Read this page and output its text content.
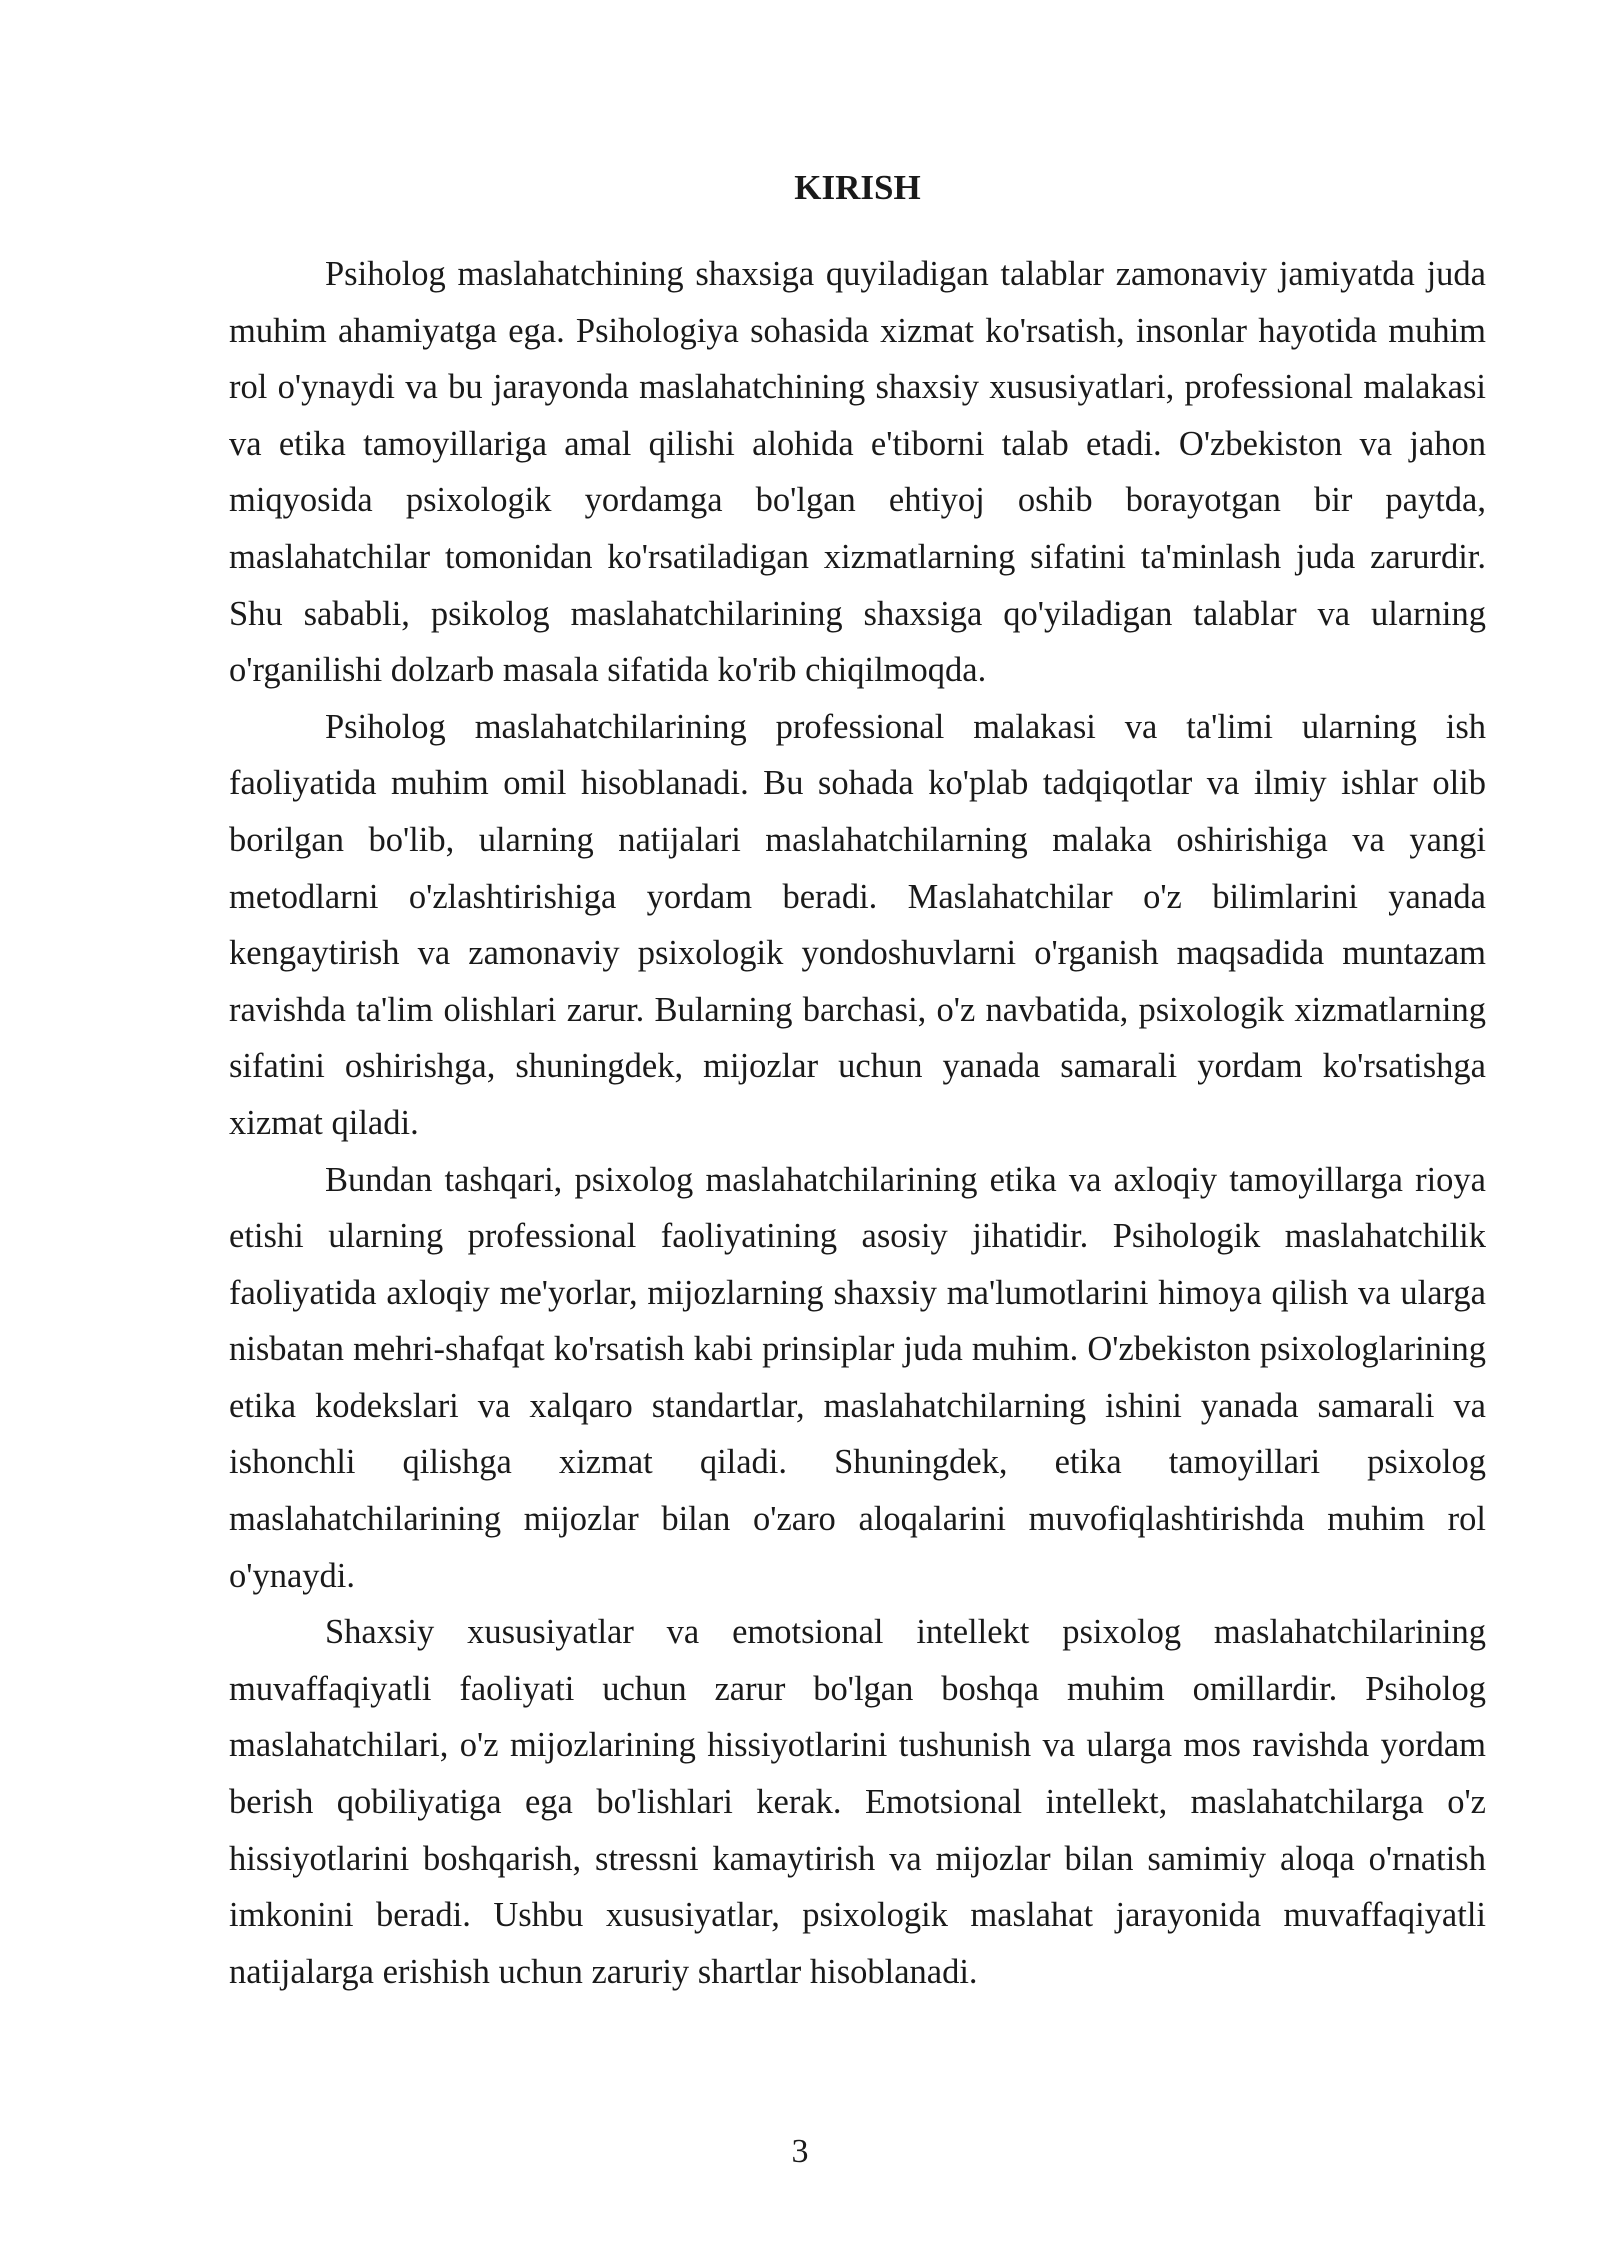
KIRISH

Psiholog maslahatchining shaxsiga quyiladigan talablar zamonaviy jamiyatda juda muhim ahamiyatga ega. Psihologiya sohasida xizmat ko'rsatish, insonlar hayotida muhim rol o'ynaydi va bu jarayonda maslahatchining shaxsiy xususiyatlari, professional malakasi va etika tamoyillariga amal qilishi alohida e'tiborni talab etadi. O'zbekiston va jahon miqyosida psixologik yordamga bo'lgan ehtiyoj oshib borayotgan bir paytda, maslahatchilar tomonidan ko'rsatiladigan xizmatlarning sifatini ta'minlash juda zarurdir. Shu sababli, psikolog maslahatchilarining shaxsiga qo'yiladigan talablar va ularning o'rganilishi dolzarb masala sifatida ko'rib chiqilmoqda.

Psiholog maslahatchilarining professional malakasi va ta'limi ularning ish faoliyatida muhim omil hisoblanadi. Bu sohada ko'plab tadqiqotlar va ilmiy ishlar olib borilgan bo'lib, ularning natijalari maslahatchilarning malaka oshirishiga va yangi metodlarni o'zlashtirishiga yordam beradi. Maslahatchilar o'z bilimlarini yanada kengaytirish va zamonaviy psixologik yondoshuvlarni o'rganish maqsadida muntazam ravishda ta'lim olishlari zarur. Bularning barchasi, o'z navbatida, psixologik xizmatlarning sifatini oshirishga, shuningdek, mijozlar uchun yanada samarali yordam ko'rsatishga xizmat qiladi.

Bundan tashqari, psixolog maslahatchilarining etika va axloqiy tamoyillarga rioya etishi ularning professional faoliyatining asosiy jihatidir. Psihologik maslahatchilik faoliyatida axloqiy me'yorlar, mijozlarning shaxsiy ma'lumotlarini himoya qilish va ularga nisbatan mehri-shafqat ko'rsatish kabi prinsiplar juda muhim. O'zbekiston psixologlarining etika kodekslari va xalqaro standartlar, maslahatchilarning ishini yanada samarali va ishonchli qilishga xizmat qiladi. Shuningdek, etika tamoyillari psixolog maslahatchilarining mijozlar bilan o'zaro aloqalarini muvofiqlashtirishda muhim rol o'ynaydi.

Shaxsiy xususiyatlar va emotsional intellekt psixolog maslahatchilarining muvaffaqiyatli faoliyati uchun zarur bo'lgan boshqa muhim omillardir. Psiholog maslahatchilari, o'z mijozlarining hissiyotlarini tushunish va ularga mos ravishda yordam berish qobiliyatiga ega bo'lishlari kerak. Emotsional intellekt, maslahatchilarga o'z hissiyotlarini boshqarish, stressni kamaytirish va mijozlar bilan samimiy aloqa o'rnatish imkonini beradi. Ushbu xususiyatlar, psixologik maslahat jarayonida muvaffaqiyatli natijalarga erishish uchun zaruriy shartlar hisoblanadi.

3
